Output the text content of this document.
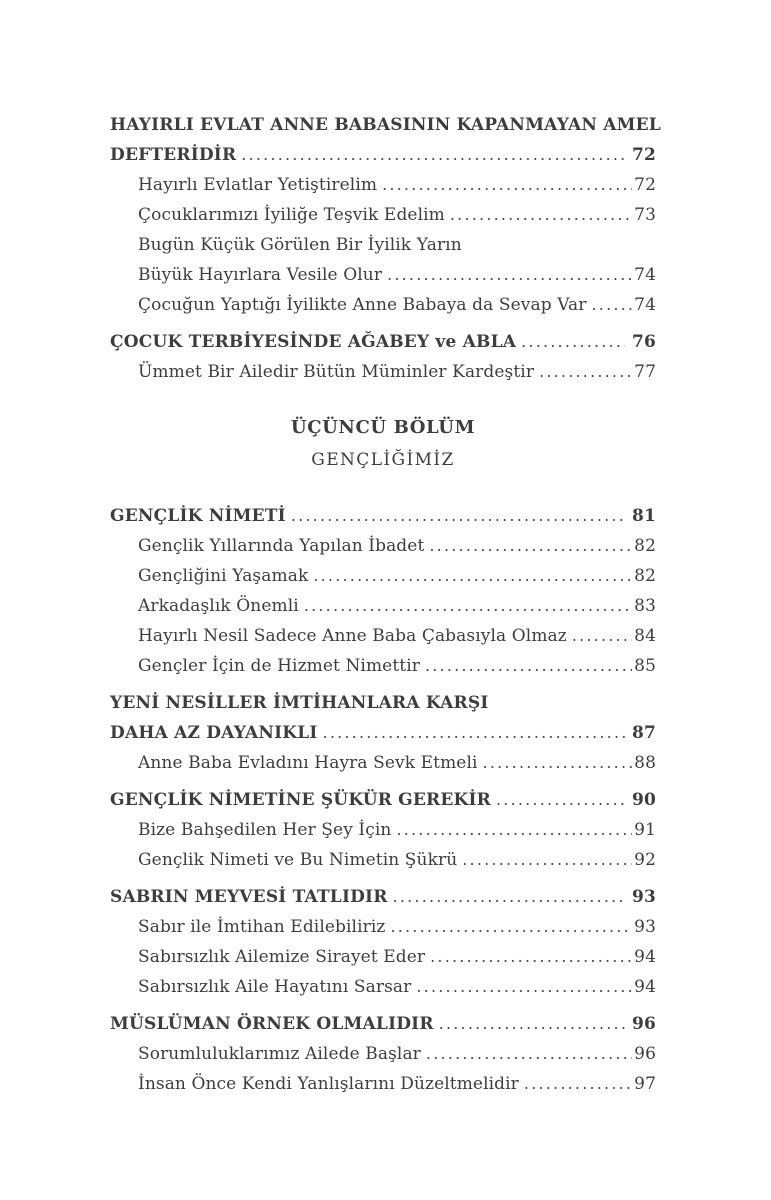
HAYIRLI EVLAT ANNE BABASININ KAPANMAYAN AMEL
DEFTERİDİR .....	72
Hayırlı Evlatlar Yetiştirelim .....	72
Çocuklarımızı İyiliğe Teşvik Edelim .....	73
Bugün Küçük Görülen Bir İyilik Yarın
Büyük Hayırlara Vesile Olur .....	74
Çocuğun Yaptığı İyilikte Anne Babaya da Sevap Var .....	74
ÇOCUK TERBİYESİNDE AĞABEY ve ABLA .....	76
Ümmet Bir Ailedir Bütün Müminler Kardeştir .....	77
ÜÇÜNCÜ BÖLÜM
GENÇLİĞİMİZ
GENÇLİK NİMETİ .....	81
Gençlik Yıllarında Yapılan İbadet .....	82
Gençliğini Yaşamak .....	82
Arkadaşlık Önemli .....	83
Hayırlı Nesil Sadece Anne Baba Çabasıyla Olmaz .....	84
Gençler İçin de Hizmet Nimettir .....	85
YENİ NESİLLER İMTİHANLARA KARŞI
DAHA AZ DAYANIKLI .....	87
Anne Baba Evladını Hayra Sevk Etmeli .....	88
GENÇLİK NİMETİNE ŞÜKÜR GEREKİR .....	90
Bize Bahşedilen Her Şey İçin .....	91
Gençlik Nimeti ve Bu Nimetin Şükrü .....	92
SABRIN MEYVESİ TATLIDIR .....	93
Sabır ile İmtihan Edilebiliriz .....	93
Sabırsızlık Ailemize Sirayet Eder .....	94
Sabırsızlık Aile Hayatını Sarsar .....	94
MÜSLÜMAN ÖRNEK OLMALIDIR .....	96
Sorumluluklarımız Ailede Başlar .....	96
İnsan Önce Kendi Yanlışlarını Düzeltmelidir .....	97
